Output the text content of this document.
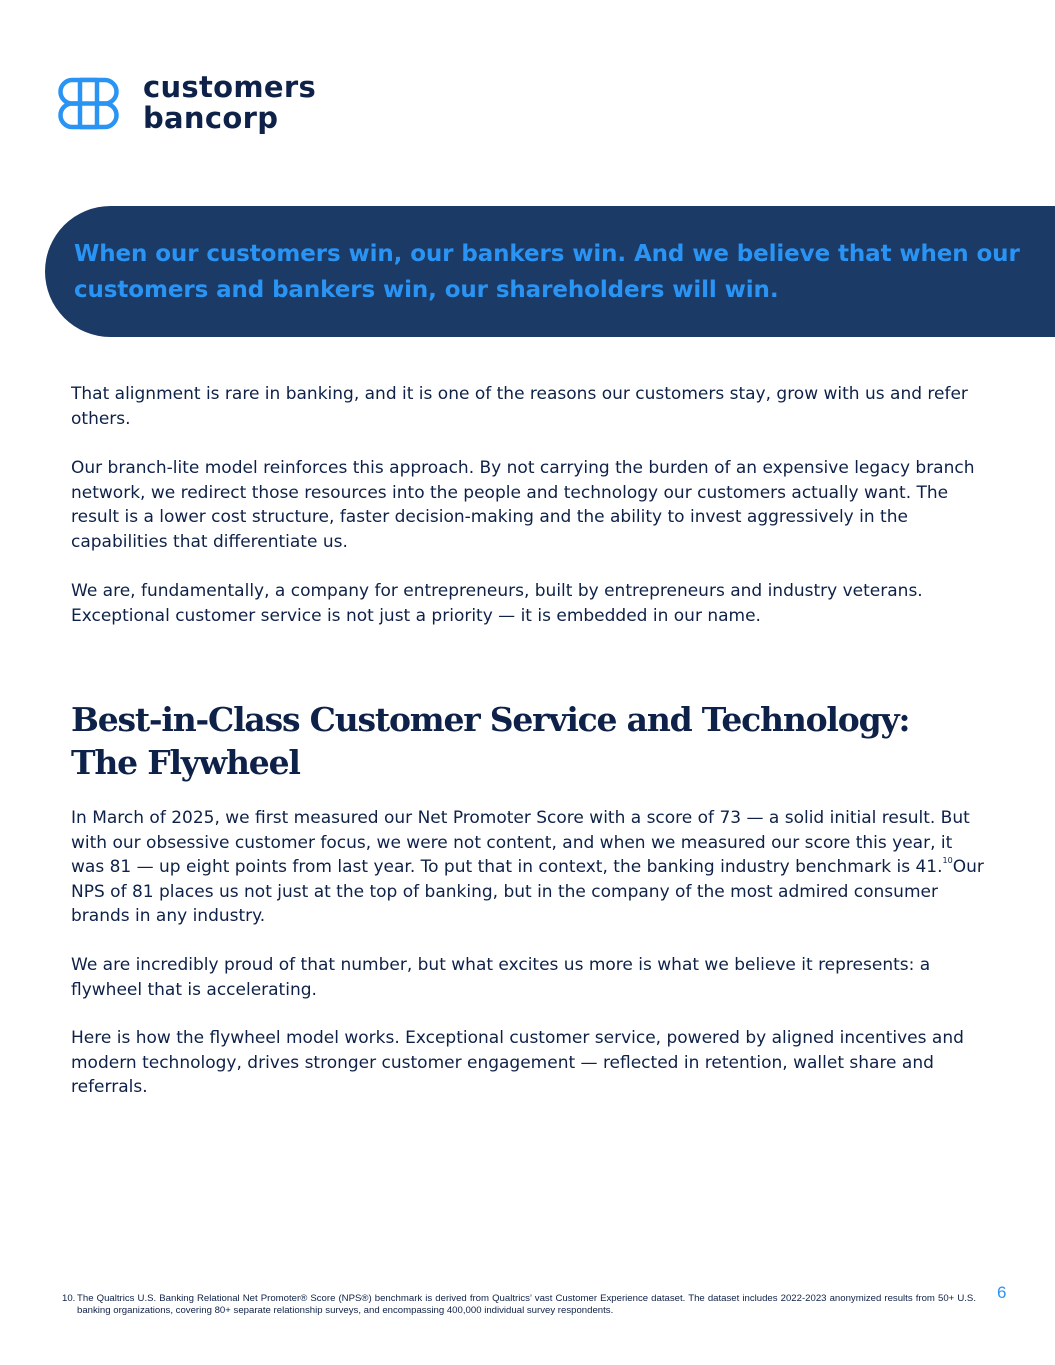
customers
bancorp
When our customers win, our bankers win. And we believe that when our customers and bankers win, our shareholders will win.

That alignment is rare in banking, and it is one of the reasons our customers stay, grow with us and refer others.

Our branch-lite model reinforces this approach. By not carrying the burden of an expensive legacy branch network, we redirect those resources into the people and technology our customers actually want. The result is a lower cost structure, faster decision-making and the ability to invest aggressively in the capabilities that differentiate us.

We are, fundamentally, a company for entrepreneurs, built by entrepreneurs and industry veterans. Exceptional customer service is not just a priority — it is embedded in our name.

Best-in-Class Customer Service and Technology:
The Flywheel

In March of 2025, we first measured our Net Promoter Score with a score of 73 — a solid initial result. But with our obsessive customer focus, we were not content, and when we measured our score this year, it was 81 — up eight points from last year. To put that in context, the banking industry benchmark is 41.10Our NPS of 81 places us not just at the top of banking, but in the company of the most admired consumer brands in any industry.

We are incredibly proud of that number, but what excites us more is what we believe it represents: a flywheel that is accelerating.

Here is how the flywheel model works. Exceptional customer service, powered by aligned incentives and modern technology, drives stronger customer engagement — reflected in retention, wallet share and referrals.

10. The Qualtrics U.S. Banking Relational Net Promoter® Score (NPS®) benchmark is derived from Qualtrics’ vast Customer Experience dataset. The dataset includes 2022-2023 anonymized results from 50+ U.S. banking organizations, covering 80+ separate relationship surveys, and encompassing 400,000 individual survey respondents.
6
